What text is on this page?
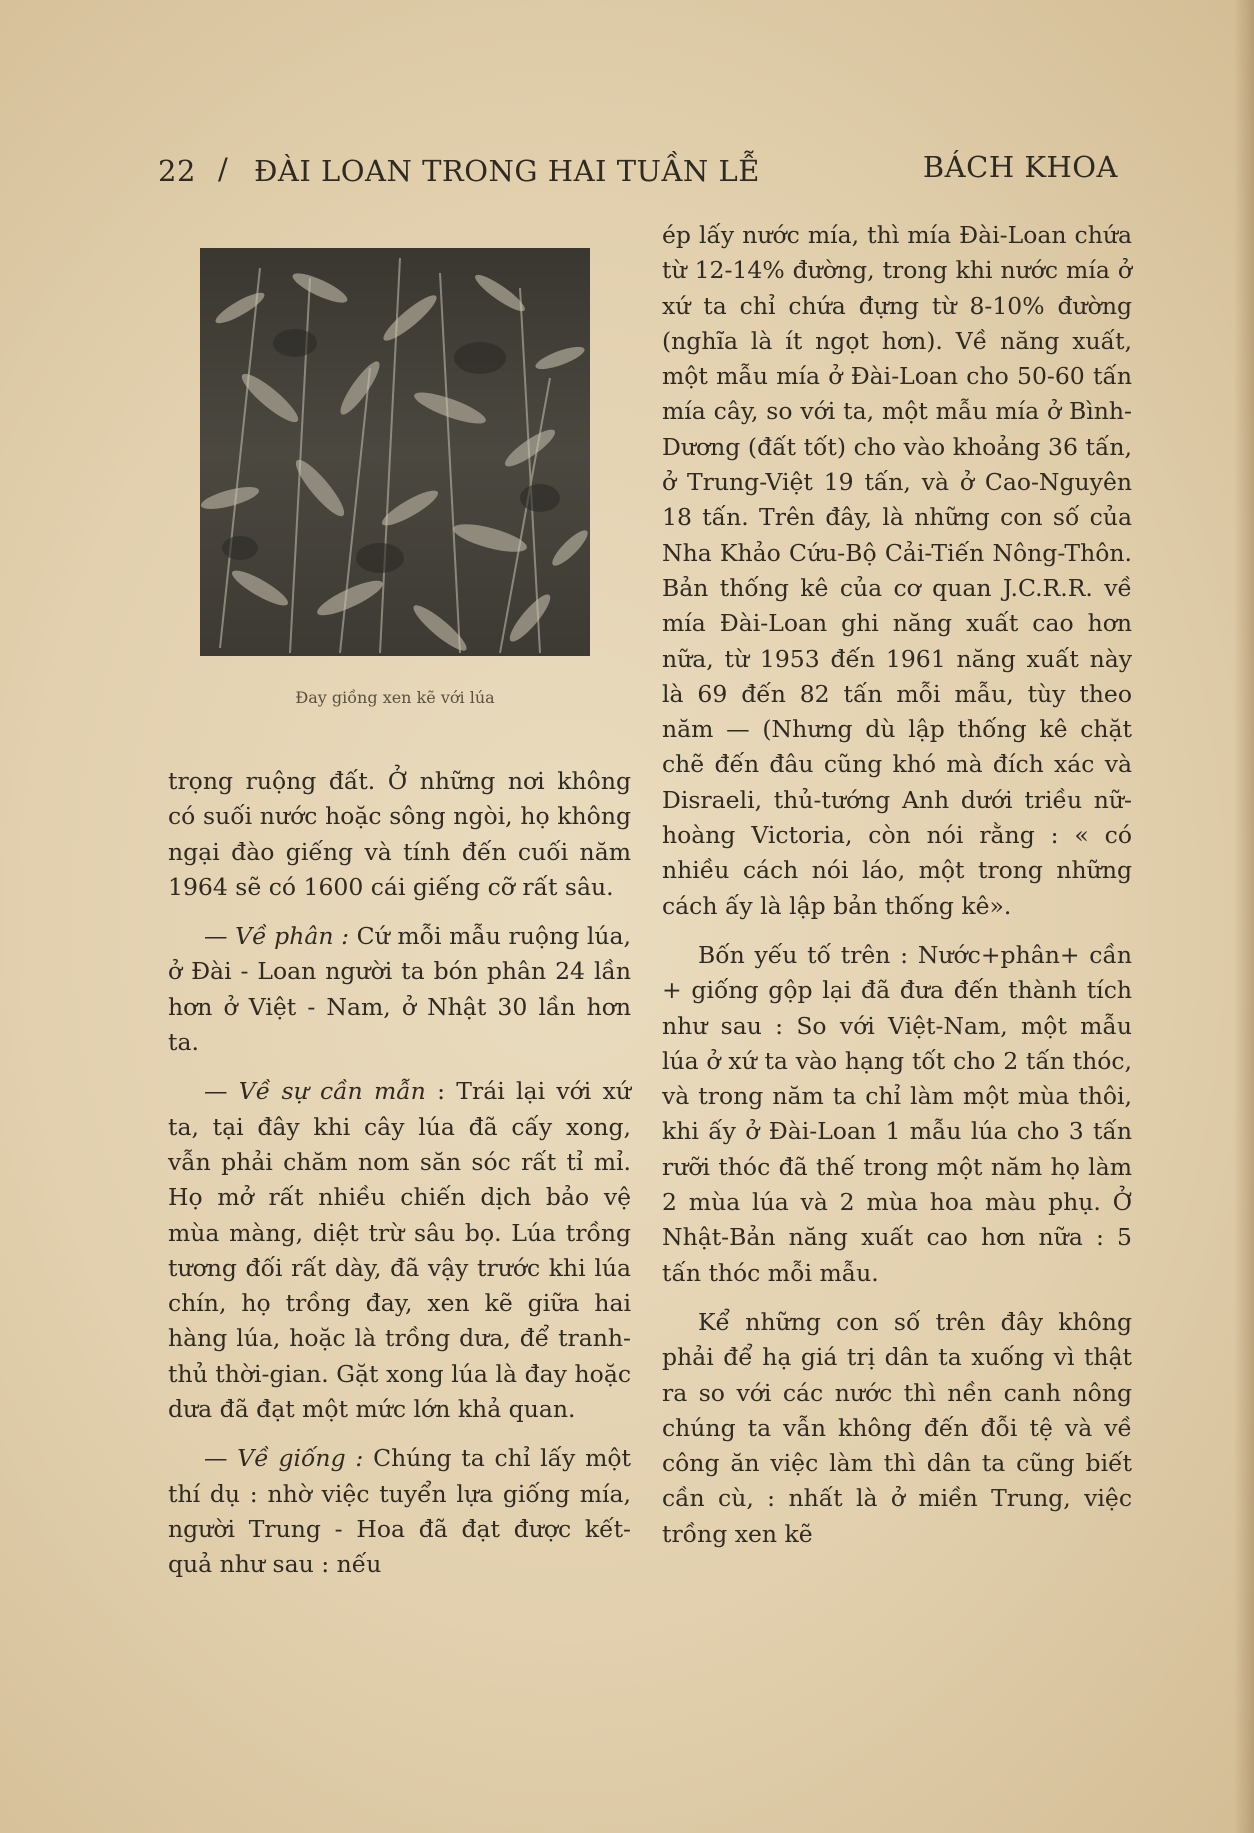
22 / ĐÀI LOAN TRONG HAI TUẦN LỄ	BÁCH KHOA
Đay giồng xen kẽ với lúa

trọng ruộng đất. Ở những nơi không có suối nước hoặc sông ngòi, họ không ngại đào giếng và tính đến cuối năm 1964 sẽ có 1600 cái giếng cỡ rất sâu.

— Về phân : Cứ mỗi mẫu ruộng lúa, ở Đài - Loan người ta bón phân 24 lần hơn ở Việt - Nam, ở Nhật 30 lần hơn ta.

— Về sự cần mẫn : Trái lại với xứ ta, tại đây khi cây lúa đã cấy xong, vẫn phải chăm nom săn sóc rất tỉ mỉ. Họ mở rất nhiều chiến dịch bảo vệ mùa màng, diệt trừ sâu bọ. Lúa trồng tương đối rất dày, đã vậy trước khi lúa chín, họ trồng đay, xen kẽ giữa hai hàng lúa, hoặc là trồng dưa, để tranh-thủ thời-gian. Gặt xong lúa là đay hoặc dưa đã đạt một mức lớn khả quan.

— Về giống : Chúng ta chỉ lấy một thí dụ : nhờ việc tuyển lựa giống mía, người Trung - Hoa đã đạt được kết-quả như sau : nếu

ép lấy nước mía, thì mía Đài-Loan chứa từ 12-14% đường, trong khi nước mía ở xứ ta chỉ chứa đựng từ 8-10% đường (nghĩa là ít ngọt hơn). Về năng xuất, một mẫu mía ở Đài-Loan cho 50-60 tấn mía cây, so với ta, một mẫu mía ở Bình-Dương (đất tốt) cho vào khoảng 36 tấn, ở Trung-Việt 19 tấn, và ở Cao-Nguyên 18 tấn. Trên đây, là những con số của Nha Khảo Cứu-Bộ Cải-Tiến Nông-Thôn. Bản thống kê của cơ quan J.C.R.R. về mía Đài-Loan ghi năng xuất cao hơn nữa, từ 1953 đến 1961 năng xuất này là 69 đến 82 tấn mỗi mẫu, tùy theo năm — (Nhưng dù lập thống kê chặt chẽ đến đâu cũng khó mà đích xác và Disraeli, thủ-tướng Anh dưới triều nữ-hoàng Victoria, còn nói rằng : « có nhiều cách nói láo, một trong những cách ấy là lập bản thống kê».

Bốn yếu tố trên : Nước+phân+ cần + giống gộp lại đã đưa đến thành tích như sau : So với Việt-Nam, một mẫu lúa ở xứ ta vào hạng tốt cho 2 tấn thóc, và trong năm ta chỉ làm một mùa thôi, khi ấy ở Đài-Loan 1 mẫu lúa cho 3 tấn rưỡi thóc đã thế trong một năm họ làm 2 mùa lúa và 2 mùa hoa màu phụ. Ở Nhật-Bản năng xuất cao hơn nữa : 5 tấn thóc mỗi mẫu.

Kể những con số trên đây không phải để hạ giá trị dân ta xuống vì thật ra so với các nước thì nền canh nông chúng ta vẫn không đến đỗi tệ và về công ăn việc làm thì dân ta cũng biết cần cù, : nhất là ở miền Trung, việc trồng xen kẽ
